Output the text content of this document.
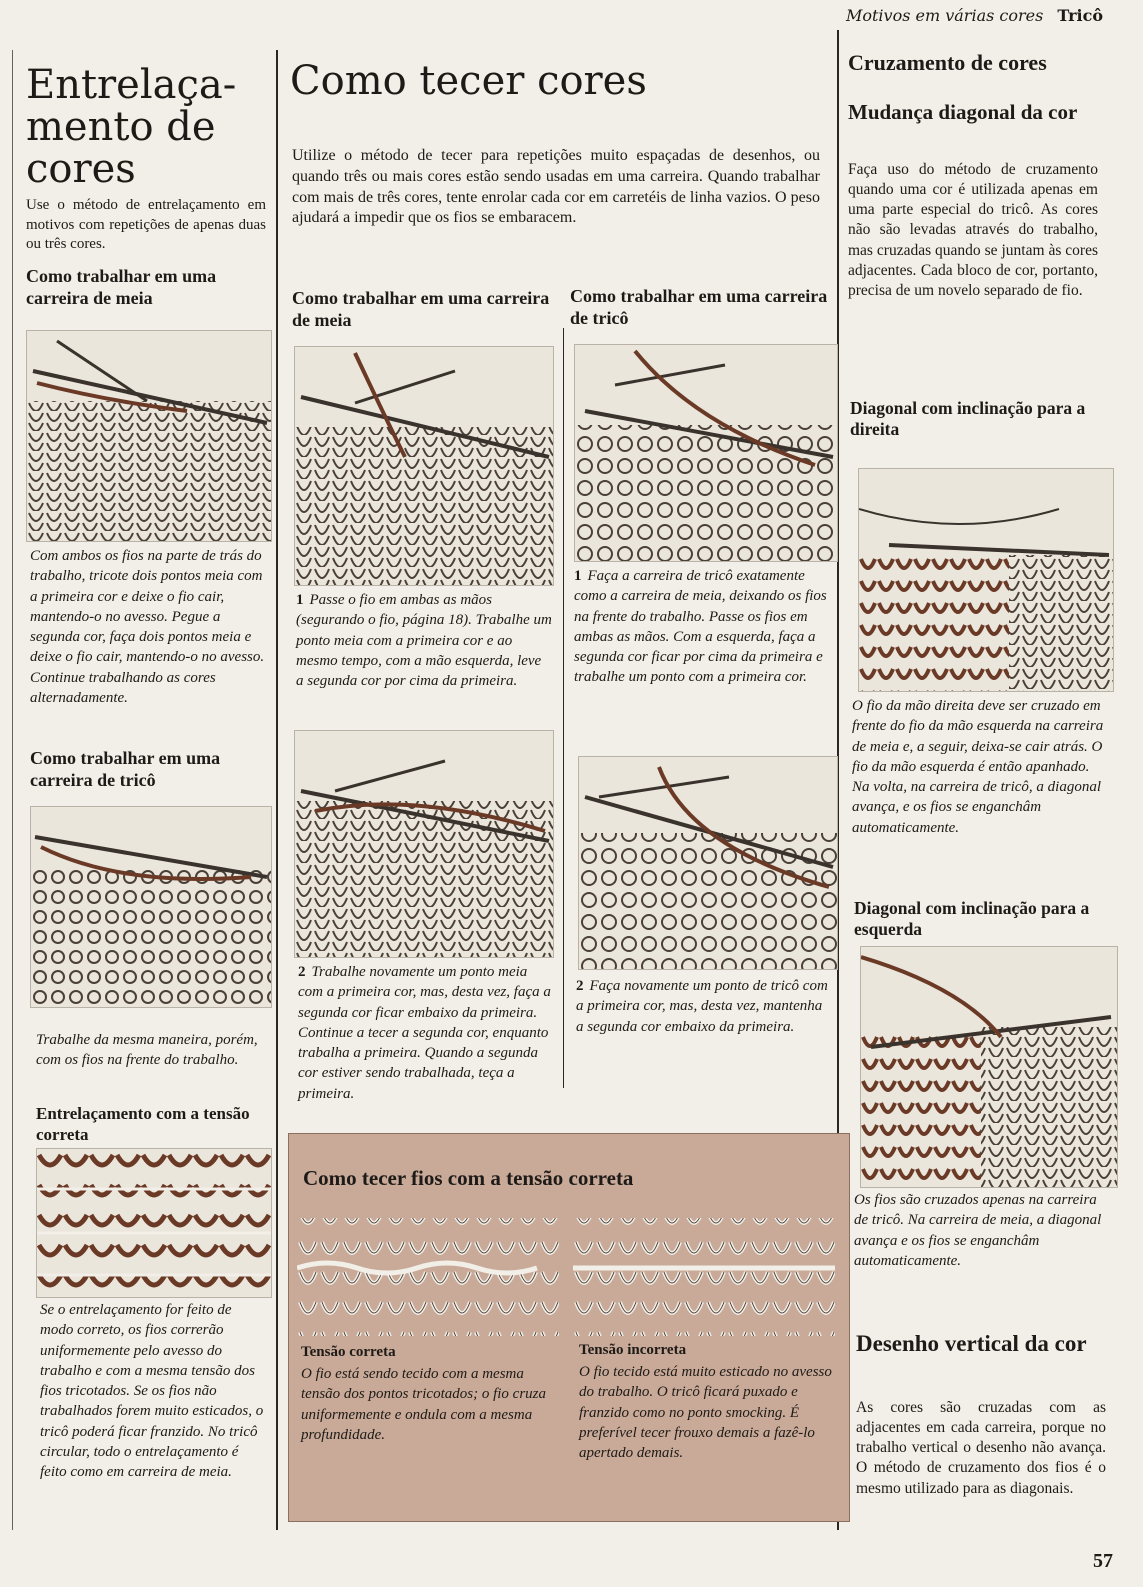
Motivos em várias cores Tricô
Entrelaça-
mento de
cores
Use o método de entrelaçamento em motivos com repetições de apenas duas ou três cores.
Como trabalhar em uma carreira de meia
Com ambos os fios na parte de trás do trabalho, tricote dois pontos meia com a primeira cor e deixe o fio cair, mantendo-o no avesso. Pegue a segunda cor, faça dois pontos meia e deixe o fio cair, mantendo-o no avesso. Continue trabalhando as cores alternadamente.
Como trabalhar em uma carreira de tricô
Trabalhe da mesma maneira, porém, com os fios na frente do trabalho.
Entrelaçamento com a tensão correta
Se o entrelaçamento for feito de modo correto, os fios correrão uniformemente pelo avesso do trabalho e com a mesma tensão dos fios tricotados. Se os fios não trabalhados forem muito esticados, o tricô poderá ficar franzido. No tricô circular, todo o entrelaçamento é feito como em carreira de meia.
Como tecer cores
Utilize o método de tecer para repetições muito espaçadas de desenhos, ou quando três ou mais cores estão sendo usadas em uma carreira. Quando trabalhar com mais de três cores, tente enrolar cada cor em carretéis de linha vazios. O peso ajudará a impedir que os fios se embaracem.
Como trabalhar em uma carreira de meia
1 Passe o fio em ambas as mãos (segurando o fio, página 18). Trabalhe um ponto meia com a primeira cor e ao mesmo tempo, com a mão esquerda, leve a segunda cor por cima da primeira.
2 Trabalhe novamente um ponto meia com a primeira cor, mas, desta vez, faça a segunda cor ficar embaixo da primeira. Continue a tecer a segunda cor, enquanto trabalha a primeira. Quando a segunda cor estiver sendo trabalhada, teça a primeira.
Como trabalhar em uma carreira de tricô
1 Faça a carreira de tricô exatamente como a carreira de meia, deixando os fios na frente do trabalho. Passe os fios em ambas as mãos. Com a esquerda, faça a segunda cor ficar por cima da primeira e trabalhe um ponto com a primeira cor.
2 Faça novamente um ponto de tricô com a primeira cor, mas, desta vez, mantenha a segunda cor embaixo da primeira.
Como tecer fios com a tensão correta
Tensão correta
O fio está sendo tecido com a mesma tensão dos pontos tricotados; o fio cruza uniformemente e ondula com a mesma profundidade.
Tensão incorreta
O fio tecido está muito esticado no avesso do trabalho. O tricô ficará puxado e franzido como no ponto smocking. É preferível tecer frouxo demais a fazê-lo apertado demais.
Cruzamento de cores
Mudança diagonal da cor
Faça uso do método de cruzamento quando uma cor é utilizada apenas em uma parte especial do tricô. As cores não são levadas através do trabalho, mas cruzadas quando se juntam às cores adjacentes. Cada bloco de cor, portanto, precisa de um novelo separado de fio.
Diagonal com inclinação para a direita
O fio da mão direita deve ser cruzado em frente do fio da mão esquerda na carreira de meia e, a seguir, deixa-se cair atrás. O fio da mão esquerda é então apanhado. Na volta, na carreira de tricô, a diagonal avança, e os fios se enganchâm automaticamente.
Diagonal com inclinação para a esquerda
Os fios são cruzados apenas na carreira de tricô. Na carreira de meia, a diagonal avança e os fios se enganchâm automaticamente.
Desenho vertical da cor
As cores são cruzadas com as adjacentes em cada carreira, porque no trabalho vertical o desenho não avança. O método de cruzamento dos fios é o mesmo utilizado para as diagonais.
57
